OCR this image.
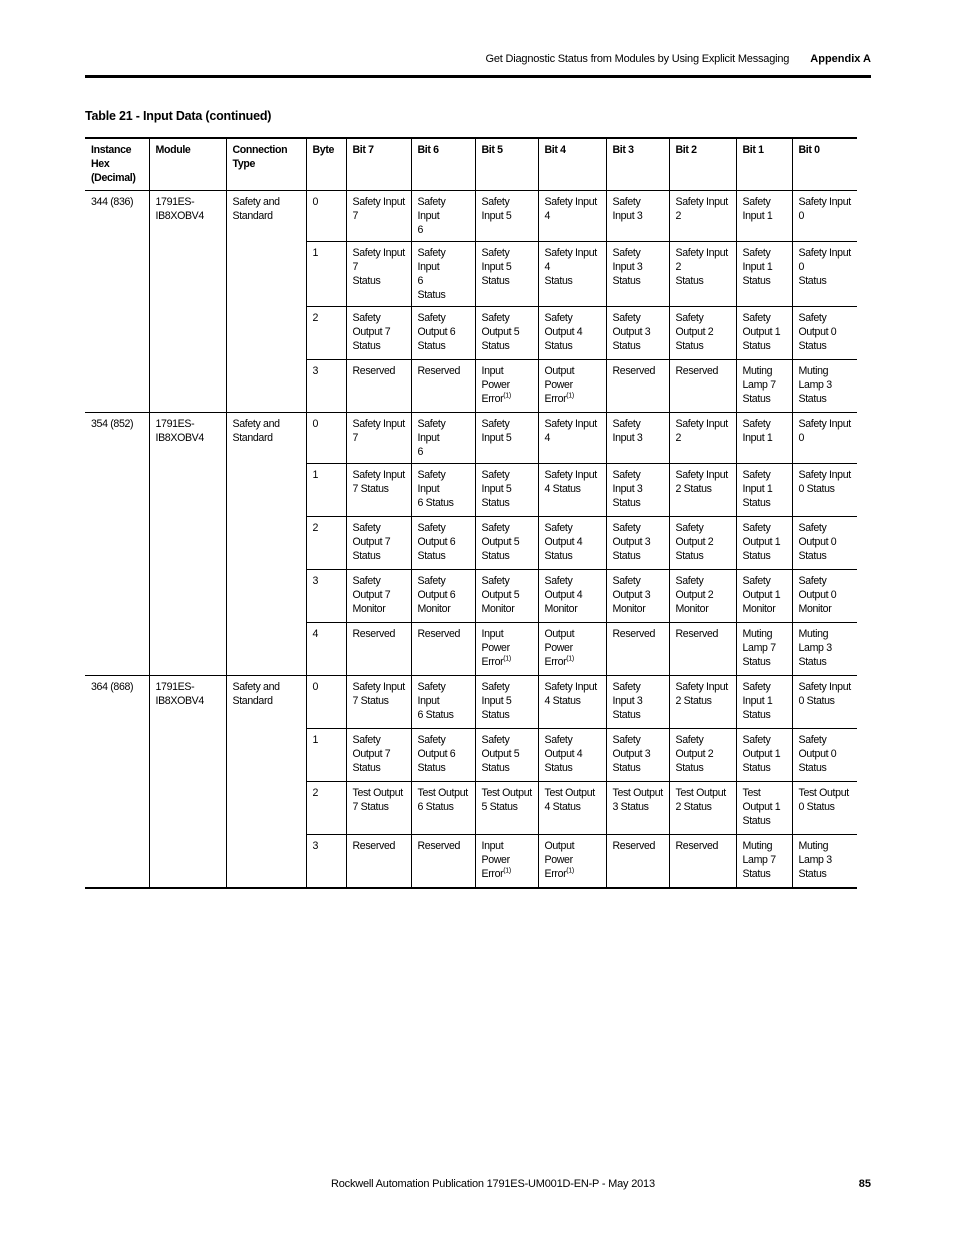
Get Diagnostic Status from Modules by Using Explicit Messaging Appendix A
Table 21 - Input Data (continued)
Instance
Hex
(Decimal)	Module	Connection
Type	Byte	Bit 7	Bit 6	Bit 5	Bit 4	Bit 3	Bit 2	Bit 1	Bit 0

344 (836)	1791ES-
IB8XOBV4	Safety and
Standard	0	Safety Input
7	Safety Input
6	Safety
Input 5	Safety Input
4	Safety
Input 3	Safety Input
2	Safety
Input 1	Safety Input
0

			1	Safety Input
7
Status	Safety Input
6
Status	Safety
Input 5
Status	Safety Input
4
Status	Safety
Input 3
Status	Safety Input
2
Status	Safety
Input 1
Status	Safety Input
0
Status

			2	Safety
Output 7
Status	Safety
Output 6
Status	Safety
Output 5
Status	Safety
Output 4
Status	Safety
Output 3
Status	Safety
Output 2
Status	Safety
Output 1
Status	Safety
Output 0
Status

			3	Reserved	Reserved	Input
Power
Error$^{(1)}$	Output
Power
Error$^{(1)}$	Reserved	Reserved	Muting
Lamp 7
Status	Muting
Lamp 3
Status

354 (852)	1791ES-
IB8XOBV4	Safety and
Standard	0	Safety Input
7	Safety Input
6	Safety
Input 5	Safety Input
4	Safety
Input 3	Safety Input
2	Safety
Input 1	Safety Input
0

			1	Safety Input
7 Status	Safety Input
6 Status	Safety
Input 5
Status	Safety Input
4 Status	Safety
Input 3
Status	Safety Input
2 Status	Safety
Input 1
Status	Safety Input
0 Status

			2	Safety
Output 7
Status	Safety
Output 6
Status	Safety
Output 5
Status	Safety
Output 4
Status	Safety
Output 3
Status	Safety
Output 2
Status	Safety
Output 1
Status	Safety
Output 0
Status

			3	Safety
Output 7
Monitor	Safety
Output 6
Monitor	Safety
Output 5
Monitor	Safety
Output 4
Monitor	Safety
Output 3
Monitor	Safety
Output 2
Monitor	Safety
Output 1
Monitor	Safety
Output 0
Monitor

			4	Reserved	Reserved	Input
Power
Error$^{(1)}$	Output
Power
Error$^{(1)}$	Reserved	Reserved	Muting
Lamp 7
Status	Muting
Lamp 3
Status

364 (868)	1791ES-
IB8XOBV4	Safety and
Standard	0	Safety Input
7 Status	Safety Input
6 Status	Safety
Input 5
Status	Safety Input
4 Status	Safety
Input 3
Status	Safety Input
2 Status	Safety
Input 1
Status	Safety Input
0 Status

			1	Safety
Output 7
Status	Safety
Output 6
Status	Safety
Output 5
Status	Safety
Output 4
Status	Safety
Output 3
Status	Safety
Output 2
Status	Safety
Output 1
Status	Safety
Output 0
Status

			2	Test Output
7 Status	Test Output
6 Status	Test Output
5 Status	Test Output
4 Status	Test Output
3 Status	Test Output
2 Status	Test
Output 1
Status	Test Output
0 Status

			3	Reserved	Reserved	Input
Power
Error$^{(1)}$	Output
Power
Error$^{(1)}$	Reserved	Reserved	Muting
Lamp 7
Status	Muting
Lamp 3
Status
Rockwell Automation Publication 1791ES-UM001D-EN-P - May 2013	85
